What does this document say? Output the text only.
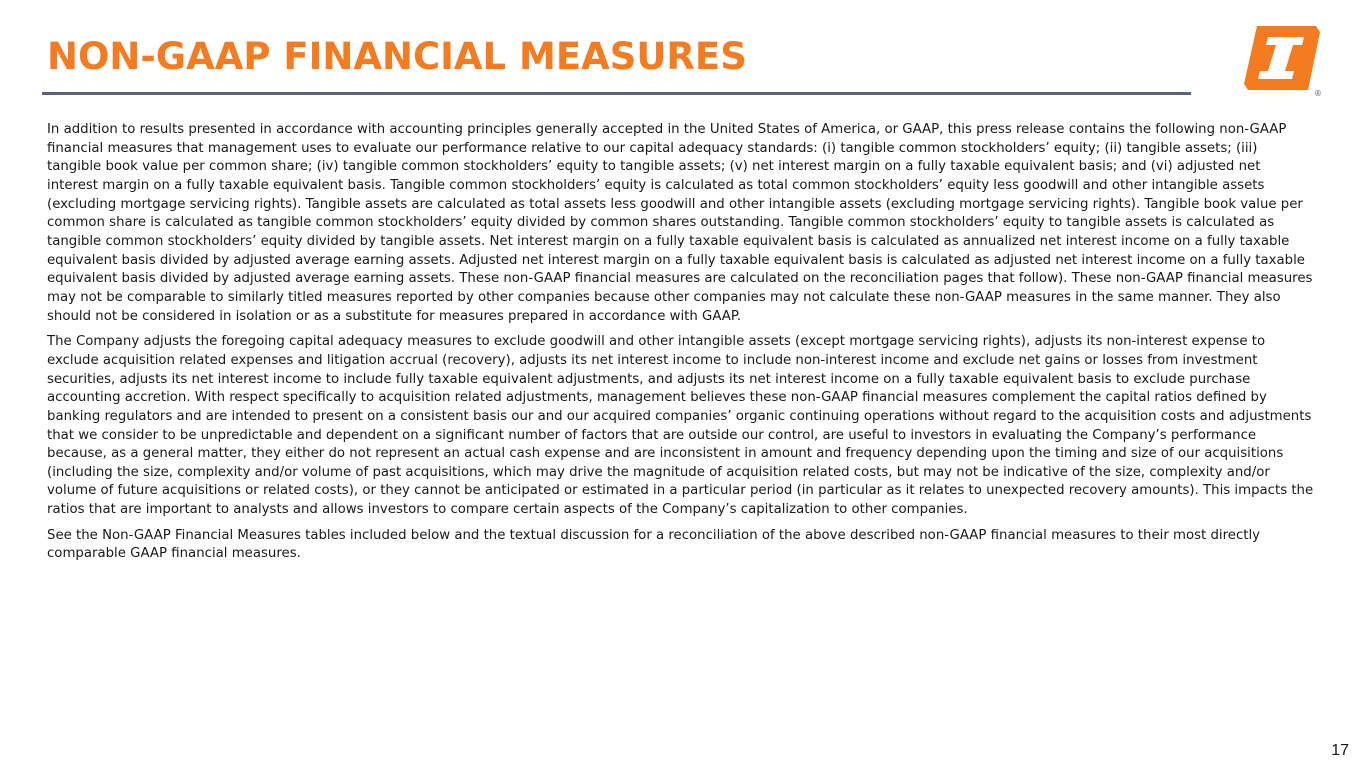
NON-GAAP FINANCIAL MEASURES
®

In addition to results presented in accordance with accounting principles generally accepted in the United States of America, or GAAP, this press release contains the following non-GAAP financial measures that management uses to evaluate our performance relative to our capital adequacy standards: (i) tangible common stockholders’ equity; (ii) tangible assets; (iii) tangible book value per common share; (iv) tangible common stockholders’ equity to tangible assets; (v) net interest margin on a fully taxable equivalent basis; and (vi) adjusted net interest margin on a fully taxable equivalent basis. Tangible common stockholders’ equity is calculated as total common stockholders’ equity less goodwill and other intangible assets (excluding mortgage servicing rights). Tangible assets are calculated as total assets less goodwill and other intangible assets (excluding mortgage servicing rights). Tangible book value per common share is calculated as tangible common stockholders’ equity divided by common shares outstanding. Tangible common stockholders’ equity to tangible assets is calculated as tangible common stockholders’ equity divided by tangible assets. Net interest margin on a fully taxable equivalent basis is calculated as annualized net interest income on a fully taxable equivalent basis divided by adjusted average earning assets. Adjusted net interest margin on a fully taxable equivalent basis is calculated as adjusted net interest income on a fully taxable equivalent basis divided by adjusted average earning assets. These non-GAAP financial measures are calculated on the reconciliation pages that follow). These non-GAAP financial measures may not be comparable to similarly titled measures reported by other companies because other companies may not calculate these non-GAAP measures in the same manner. They also should not be considered in isolation or as a substitute for measures prepared in accordance with GAAP.

The Company adjusts the foregoing capital adequacy measures to exclude goodwill and other intangible assets (except mortgage servicing rights), adjusts its non-interest expense to exclude acquisition related expenses and litigation accrual (recovery), adjusts its net interest income to include non-interest income and exclude net gains or losses from investment securities, adjusts its net interest income to include fully taxable equivalent adjustments, and adjusts its net interest income on a fully taxable equivalent basis to exclude purchase accounting accretion. With respect specifically to acquisition related adjustments, management believes these non-GAAP financial measures complement the capital ratios defined by banking regulators and are intended to present on a consistent basis our and our acquired companies’ organic continuing operations without regard to the acquisition costs and adjustments that we consider to be unpredictable and dependent on a significant number of factors that are outside our control, are useful to investors in evaluating the Company’s performance because, as a general matter, they either do not represent an actual cash expense and are inconsistent in amount and frequency depending upon the timing and size of our acquisitions (including the size, complexity and/or volume of past acquisitions, which may drive the magnitude of acquisition related costs, but may not be indicative of the size, complexity and/or volume of future acquisitions or related costs), or they cannot be anticipated or estimated in a particular period (in particular as it relates to unexpected recovery amounts). This impacts the ratios that are important to analysts and allows investors to compare certain aspects of the Company’s capitalization to other companies.

See the Non-GAAP Financial Measures tables included below and the textual discussion for a reconciliation of the above described non-GAAP financial measures to their most directly comparable GAAP financial measures.

17
